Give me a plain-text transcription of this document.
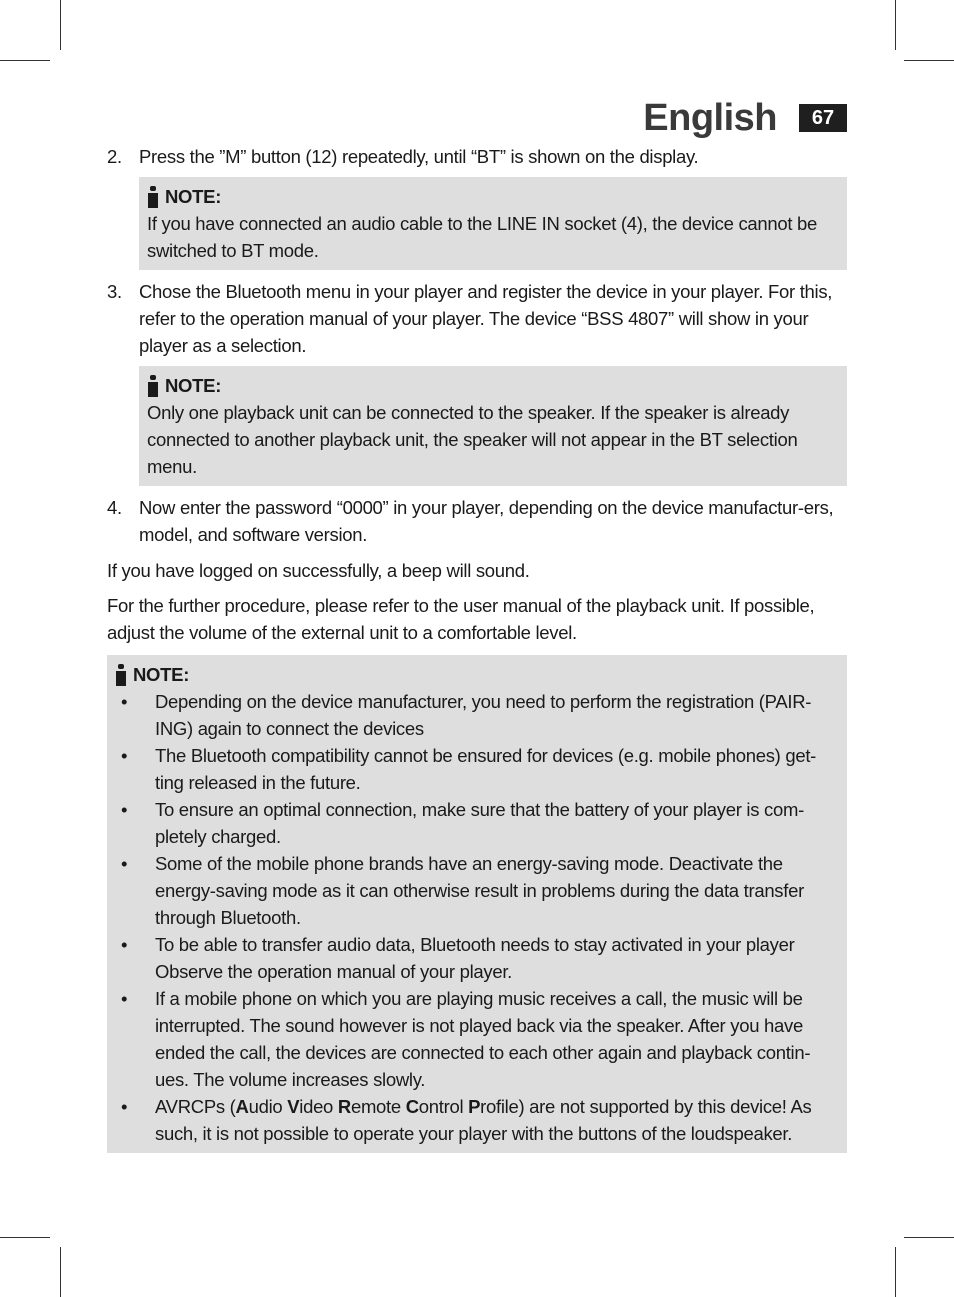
English	67
2. Press the ”M” button (12) repeatedly, until “BT” is shown on the display.
NOTE:
If you have connected an audio cable to the LINE IN socket (4), the device cannot be switched to BT mode.
3. Chose the Bluetooth menu in your player and register the device in your player. For this, refer to the operation manual of your player. The device “BSS 4807” will show in your player as a selection.
NOTE:
Only one playback unit can be connected to the speaker. If the speaker is already connected to another playback unit, the speaker will not appear in the BT selection menu.
4. Now enter the password “0000” in your player, depending on the device manufactur-ers, model, and software version.

If you have logged on successfully, a beep will sound.

For the further procedure, please refer to the user manual of the playback unit. If possible, adjust the volume of the external unit to a comfortable level.

NOTE:
•	Depending on the device manufacturer, you need to perform the registration (PAIR-ING) again to connect the devices
•	The Bluetooth compatibility cannot be ensured for devices (e.g. mobile phones) get-ting released in the future.
•	To ensure an optimal connection, make sure that the battery of your player is com-pletely charged.
•	Some of the mobile phone brands have an energy-saving mode. Deactivate the energy-saving mode as it can otherwise result in problems during the data transfer through Bluetooth.
•	To be able to transfer audio data, Bluetooth needs to stay activated in your player Observe the operation manual of your player.
•	If a mobile phone on which you are playing music receives a call, the music will be interrupted. The sound however is not played back via the speaker. After you have ended the call, the devices are connected to each other again and playback contin-ues. The volume increases slowly.
•	AVRCPs (Audio Video Remote Control Profile) are not supported by this device! As such, it is not possible to operate your player with the buttons of the loudspeaker.
